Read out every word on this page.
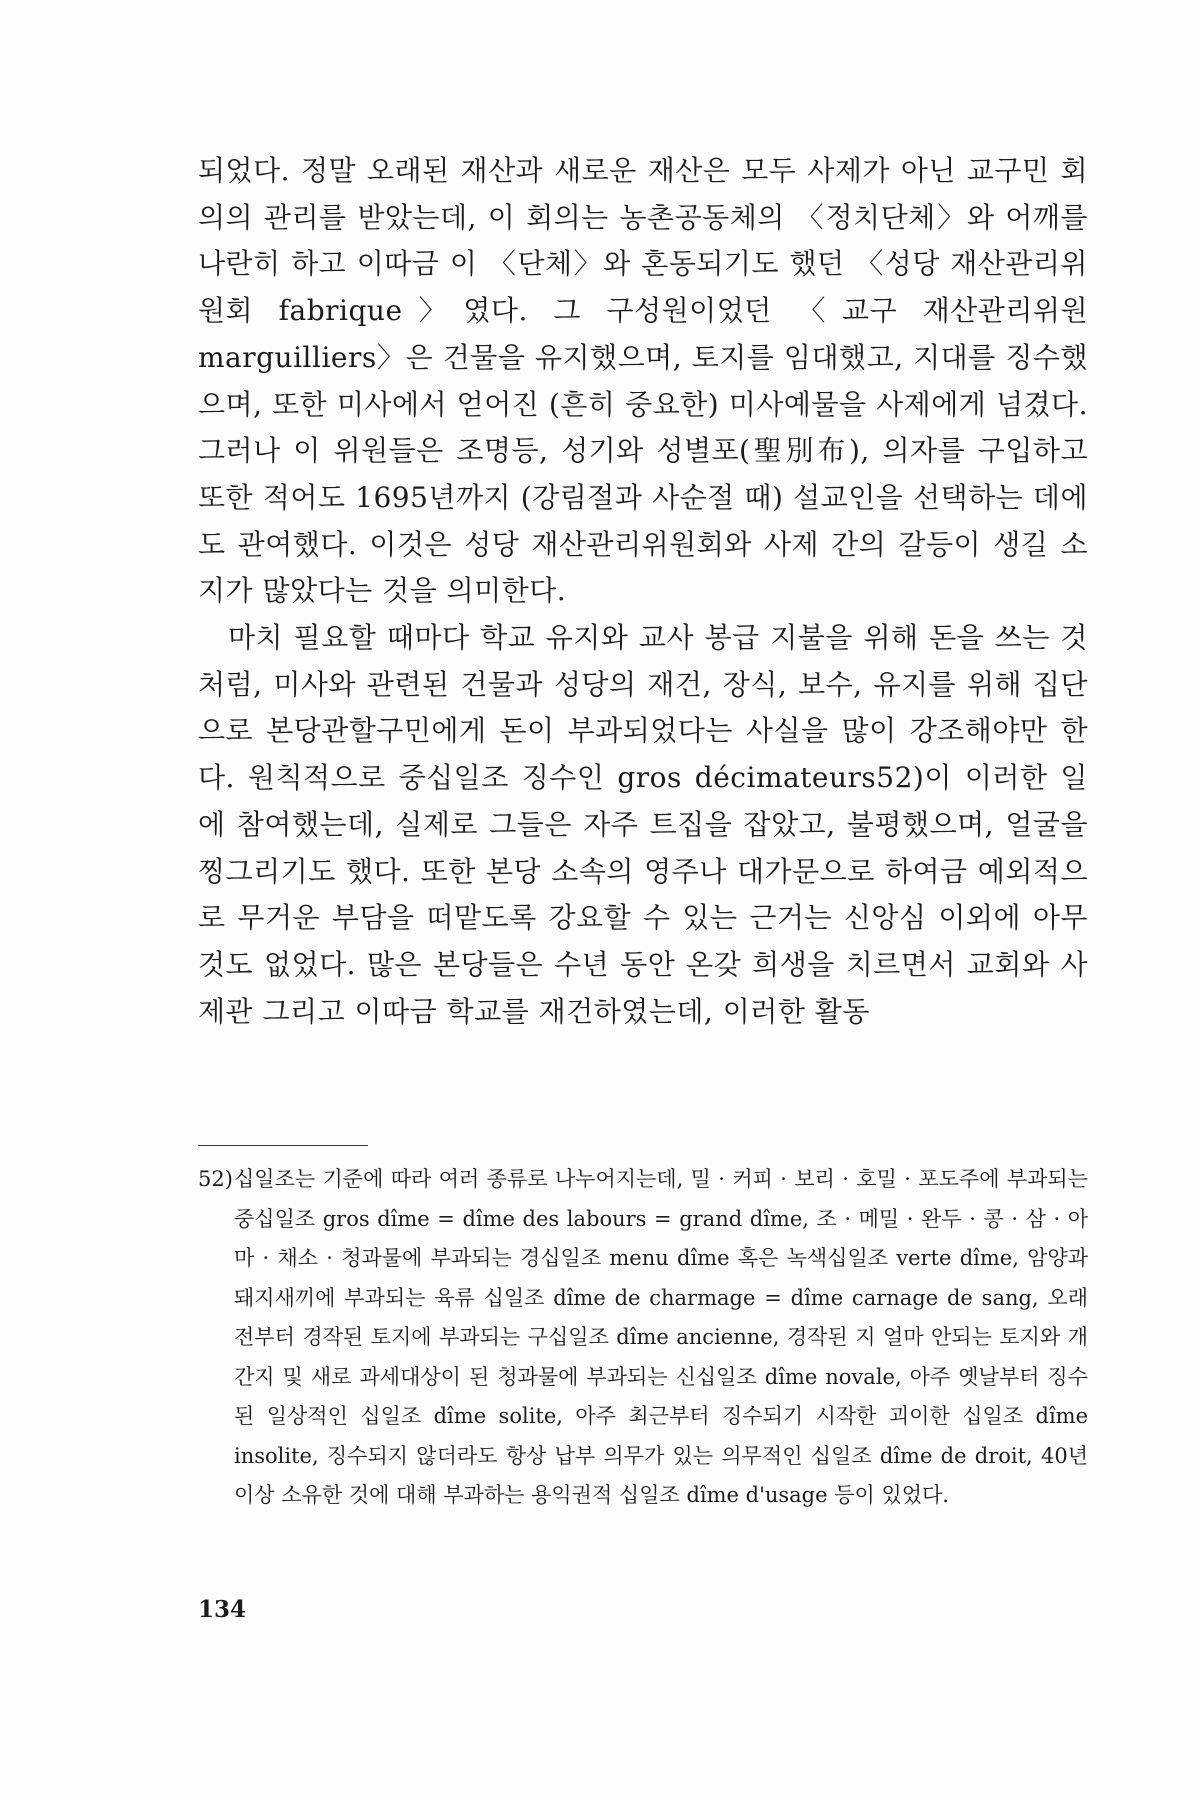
되었다. 정말 오래된 재산과 새로운 재산은 모두 사제가 아닌 교구민 회의의 관리를 받았는데, 이 회의는 농촌공동체의 〈정치단체〉와 어깨를 나란히 하고 이따금 이 〈단체〉와 혼동되기도 했던 〈성당 재산관리위원회 fabrique〉였다. 그 구성원이었던 〈교구 재산관리위원 marguilliers〉은 건물을 유지했으며, 토지를 임대했고, 지대를 징수했으며, 또한 미사에서 얻어진 (흔히 중요한) 미사예물을 사제에게 넘겼다. 그러나 이 위원들은 조명등, 성기와 성별포(聖別布), 의자를 구입하고 또한 적어도 1695년까지 (강림절과 사순절 때) 설교인을 선택하는 데에도 관여했다. 이것은 성당 재산관리위원회와 사제 간의 갈등이 생길 소지가 많았다는 것을 의미한다.

마치 필요할 때마다 학교 유지와 교사 봉급 지불을 위해 돈을 쓰는 것처럼, 미사와 관련된 건물과 성당의 재건, 장식, 보수, 유지를 위해 집단으로 본당관할구민에게 돈이 부과되었다는 사실을 많이 강조해야만 한다. 원칙적으로 중십일조 징수인 gros décimateurs52)이 이러한 일에 참여했는데, 실제로 그들은 자주 트집을 잡았고, 불평했으며, 얼굴을 찡그리기도 했다. 또한 본당 소속의 영주나 대가문으로 하여금 예외적으로 무거운 부담을 떠맡도록 강요할 수 있는 근거는 신앙심 이외에 아무것도 없었다. 많은 본당들은 수년 동안 온갖 희생을 치르면서 교회와 사제관 그리고 이따금 학교를 재건하였는데, 이러한 활동

52) 십일조는 기준에 따라 여러 종류로 나누어지는데, 밀 · 커피 · 보리 · 호밀 · 포도주에 부과되는 중십일조 gros dîme = dîme des labours = grand dîme, 조 · 메밀 · 완두 · 콩 · 삼 · 아마 · 채소 · 청과물에 부과되는 경십일조 menu dîme 혹은 녹색십일조 verte dîme, 암양과 돼지새끼에 부과되는 육류 십일조 dîme de charmage = dîme carnage de sang, 오래 전부터 경작된 토지에 부과되는 구십일조 dîme ancienne, 경작된 지 얼마 안되는 토지와 개간지 및 새로 과세대상이 된 청과물에 부과되는 신십일조 dîme novale, 아주 옛날부터 징수된 일상적인 십일조 dîme solite, 아주 최근부터 징수되기 시작한 괴이한 십일조 dîme insolite, 징수되지 않더라도 항상 납부 의무가 있는 의무적인 십일조 dîme de droit, 40년 이상 소유한 것에 대해 부과하는 용익권적 십일조 dîme d'usage 등이 있었다.
134
